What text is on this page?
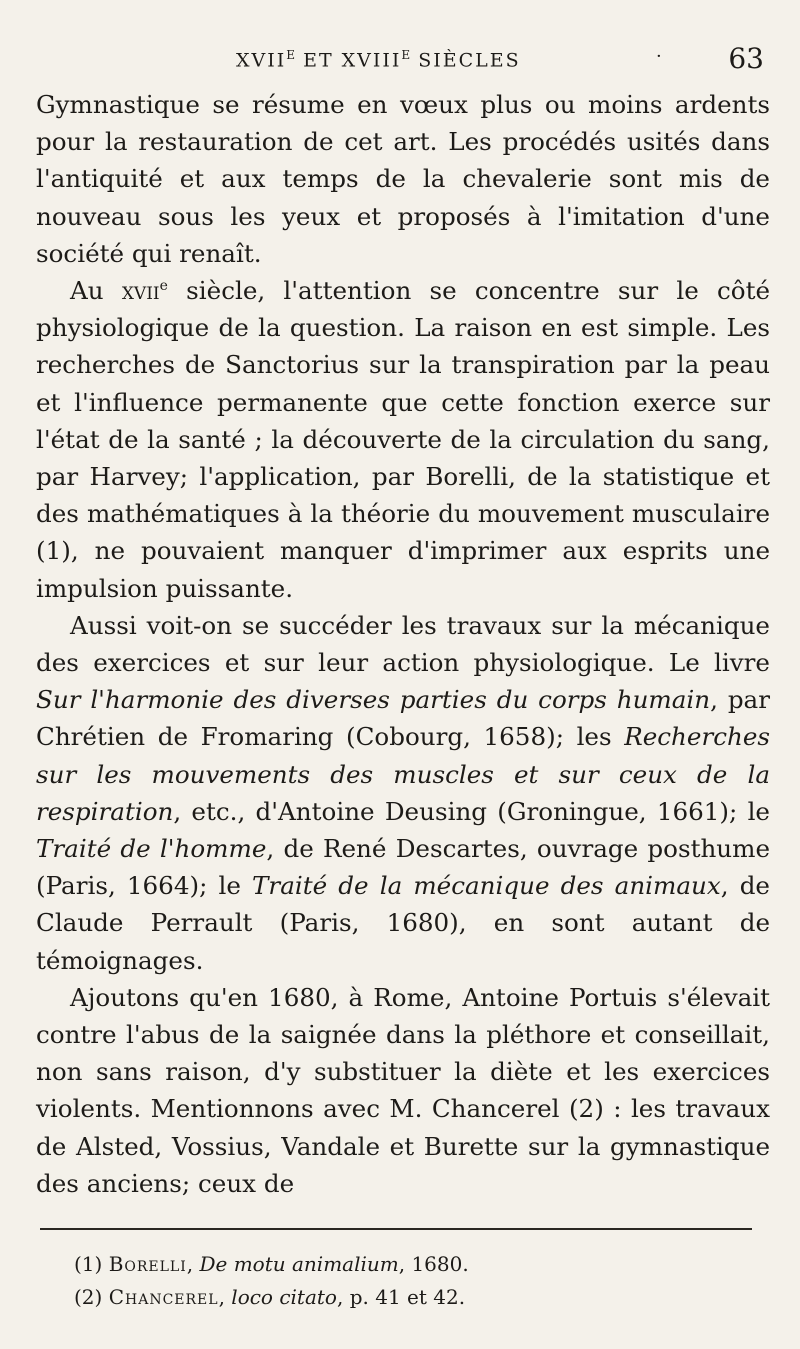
$XVII^E$ ET $XVIII^E$ SIÈCLES	· 63

Gymnastique se résume en vœux plus ou moins ardents pour la restauration de cet art. Les procédés usités dans l'antiquité et aux temps de la chevalerie sont mis de nouveau sous les yeux et proposés à l'imitation d'une société qui renaît.

Au xvii$^e$ siècle, l'attention se concentre sur le côté physiologique de la question. La raison en est simple. Les recherches de Sanctorius sur la transpiration par la peau et l'influence permanente que cette fonction exerce sur l'état de la santé ; la découverte de la circulation du sang, par Harvey; l'application, par Borelli, de la statistique et des mathématiques à la théorie du mouvement musculaire (1), ne pouvaient manquer d'imprimer aux esprits une impulsion puissante.

Aussi voit-on se succéder les travaux sur la mécanique des exercices et sur leur action physiologique. Le livre Sur l'harmonie des diverses parties du corps humain, par Chrétien de Fromaring (Cobourg, 1658); les Recherches sur les mouvements des muscles et sur ceux de la respiration, etc., d'Antoine Deusing (Groningue, 1661); le Traité de l'homme, de René Descartes, ouvrage posthume (Paris, 1664); le Traité de la mécanique des animaux, de Claude Perrault (Paris, 1680), en sont autant de témoignages.

Ajoutons qu'en 1680, à Rome, Antoine Portuis s'élevait contre l'abus de la saignée dans la pléthore et conseillait, non sans raison, d'y substituer la diète et les exercices violents. Mentionnons avec M. Chancerel (2) : les travaux de Alsted, Vossius, Vandale et Burette sur la gymnastique des anciens; ceux de

(1) Borelli, De motu animalium, 1680.
(2) Chancerel, loco citato, p. 41 et 42.
